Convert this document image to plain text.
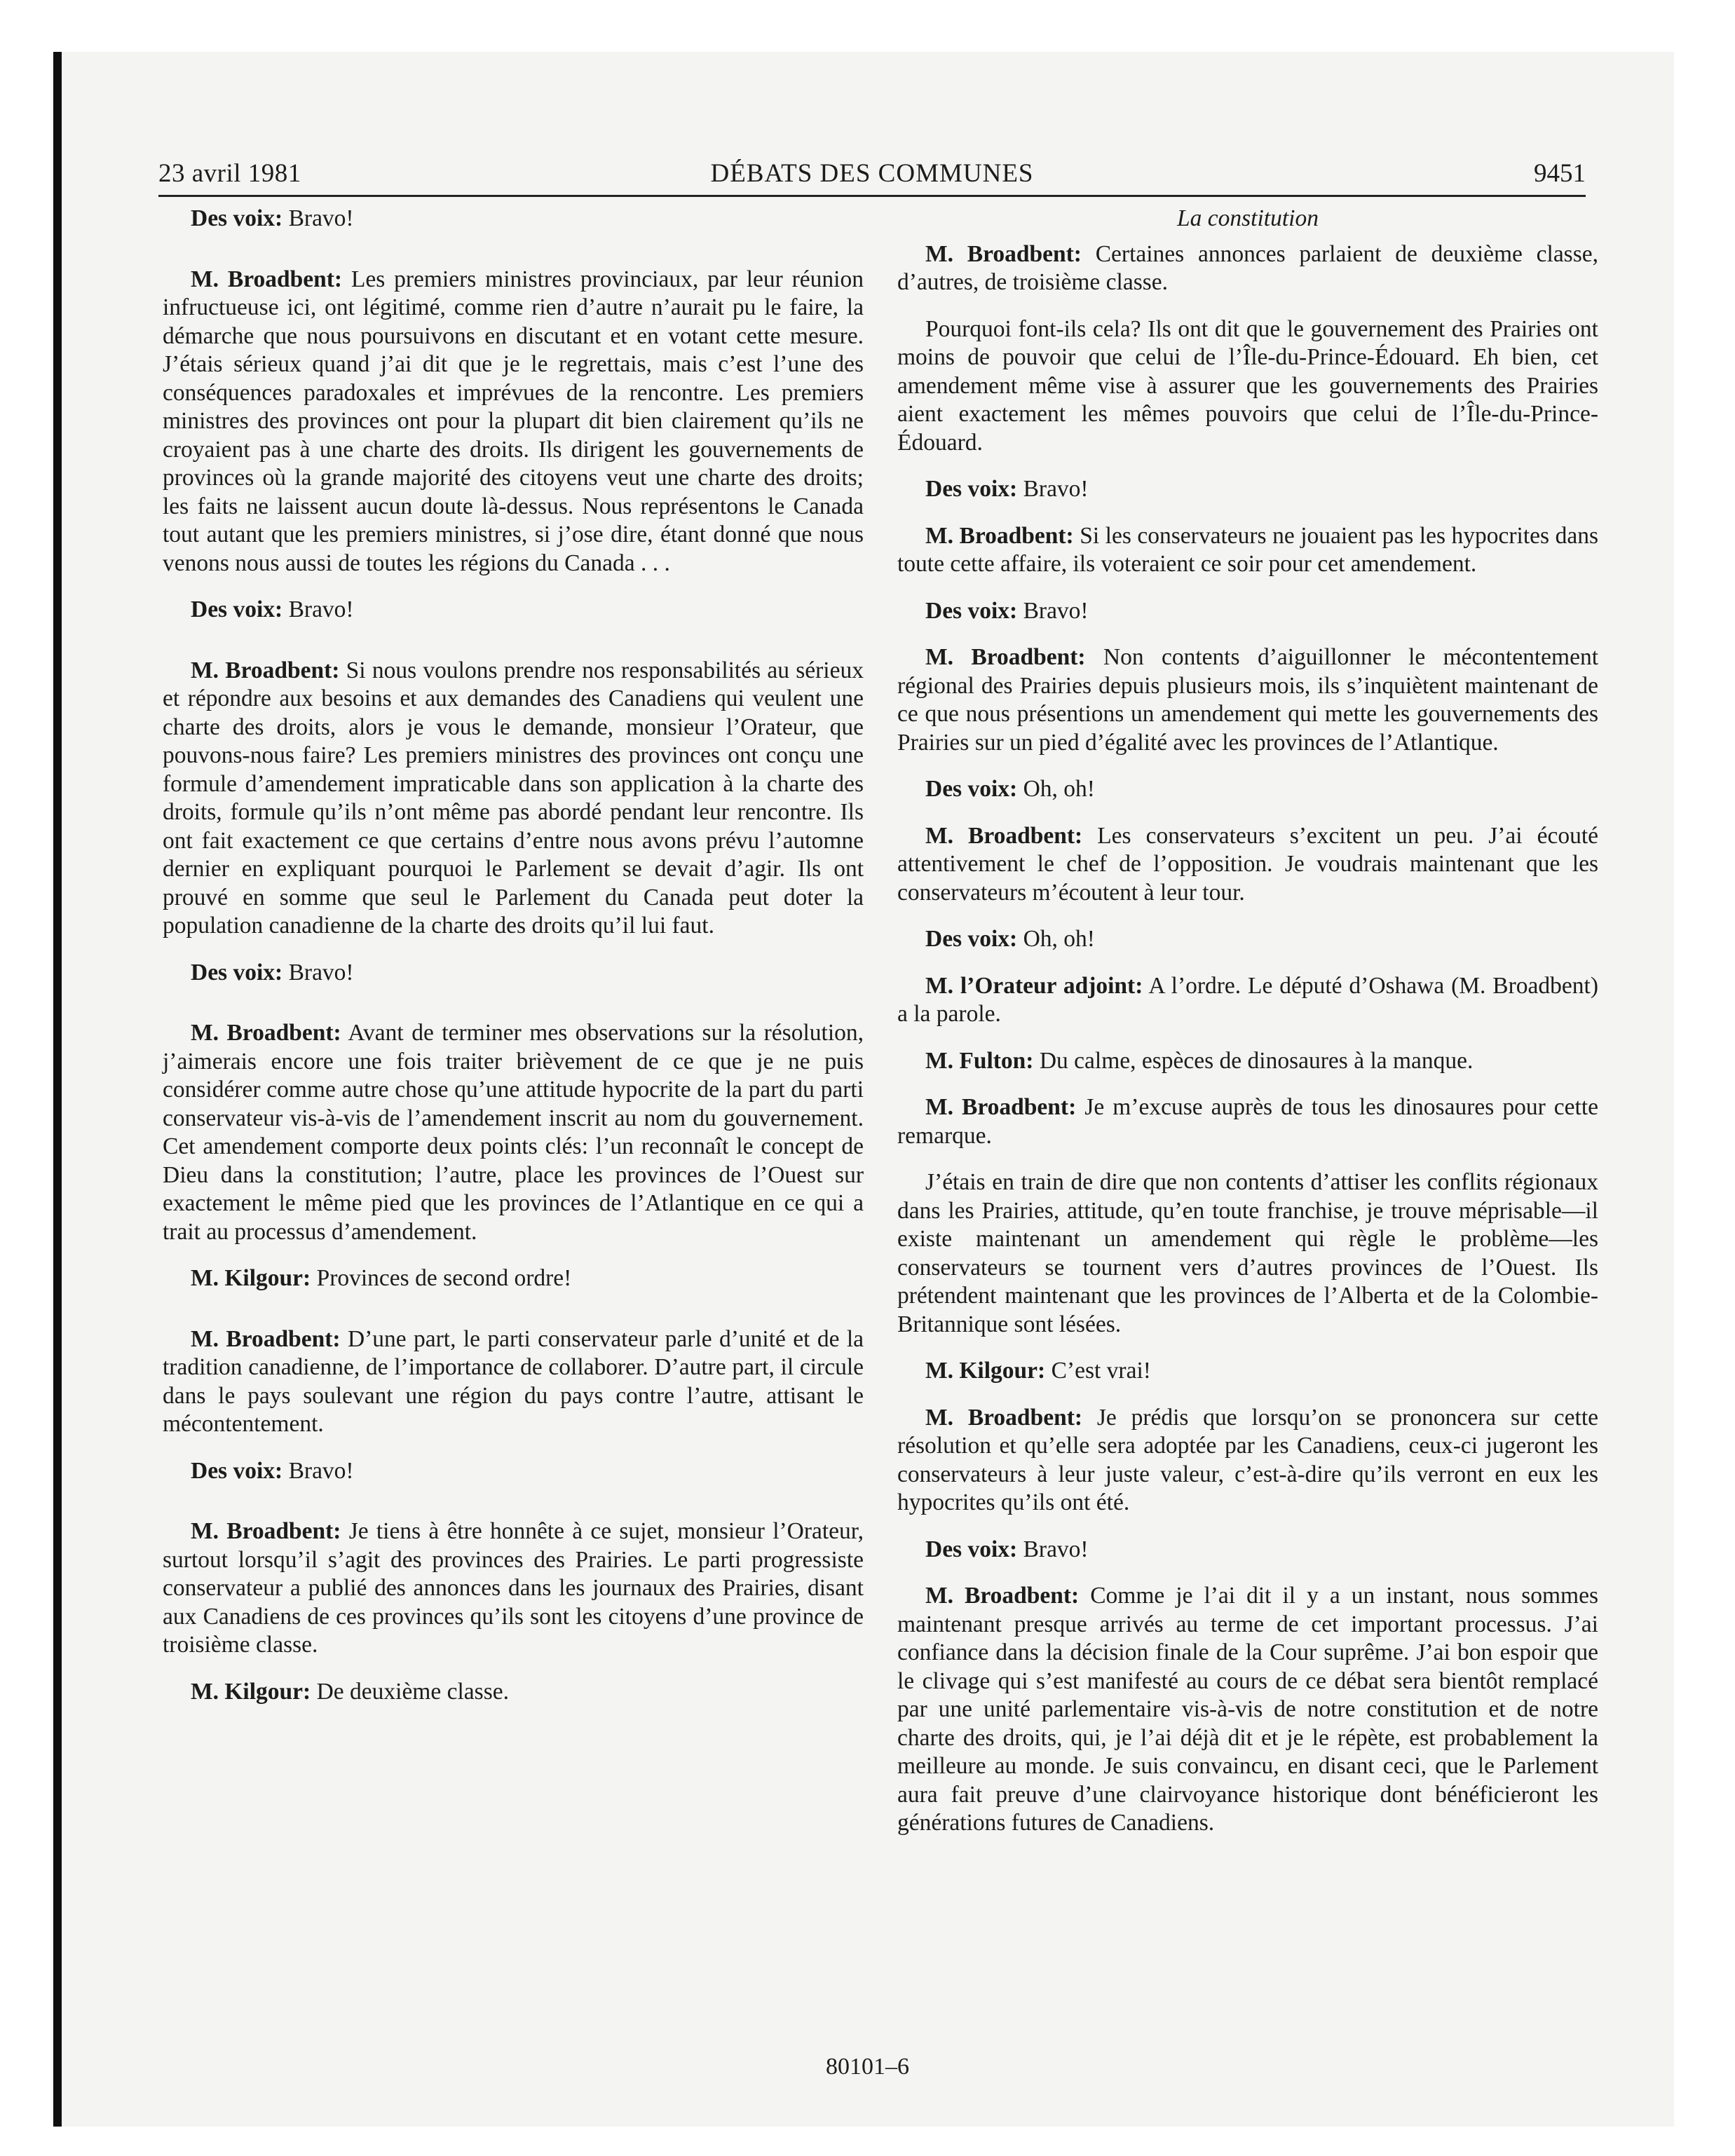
23 avril 1981	DÉBATS DES COMMUNES	9451
Des voix: Bravo!
M. Broadbent: Les premiers ministres provinciaux, par leur réunion infructueuse ici, ont légitimé, comme rien d’autre n’aurait pu le faire, la démarche que nous poursuivons en discutant et en votant cette mesure. J’étais sérieux quand j’ai dit que je le regrettais, mais c’est l’une des conséquences paradoxales et imprévues de la rencontre. Les premiers ministres des provinces ont pour la plupart dit bien clairement qu’ils ne croyaient pas à une charte des droits. Ils dirigent les gouvernements de provinces où la grande majorité des citoyens veut une charte des droits; les faits ne laissent aucun doute là-dessus. Nous représentons le Canada tout autant que les premiers ministres, si j’ose dire, étant donné que nous venons nous aussi de toutes les régions du Canada . . .
Des voix: Bravo!
M. Broadbent: Si nous voulons prendre nos responsabilités au sérieux et répondre aux besoins et aux demandes des Canadiens qui veulent une charte des droits, alors je vous le demande, monsieur l’Orateur, que pouvons-nous faire? Les premiers ministres des provinces ont conçu une formule d’amendement impraticable dans son application à la charte des droits, formule qu’ils n’ont même pas abordé pendant leur rencontre. Ils ont fait exactement ce que certains d’entre nous avons prévu l’automne dernier en expliquant pourquoi le Parlement se devait d’agir. Ils ont prouvé en somme que seul le Parlement du Canada peut doter la population canadienne de la charte des droits qu’il lui faut.
Des voix: Bravo!
M. Broadbent: Avant de terminer mes observations sur la résolution, j’aimerais encore une fois traiter brièvement de ce que je ne puis considérer comme autre chose qu’une attitude hypocrite de la part du parti conservateur vis-à-vis de l’amendement inscrit au nom du gouvernement. Cet amendement comporte deux points clés: l’un reconnaît le concept de Dieu dans la constitution; l’autre, place les provinces de l’Ouest sur exactement le même pied que les provinces de l’Atlantique en ce qui a trait au processus d’amendement.
M. Kilgour: Provinces de second ordre!
M. Broadbent: D’une part, le parti conservateur parle d’unité et de la tradition canadienne, de l’importance de collaborer. D’autre part, il circule dans le pays soulevant une région du pays contre l’autre, attisant le mécontentement.
Des voix: Bravo!
M. Broadbent: Je tiens à être honnête à ce sujet, monsieur l’Orateur, surtout lorsqu’il s’agit des provinces des Prairies. Le parti progressiste conservateur a publié des annonces dans les journaux des Prairies, disant aux Canadiens de ces provinces qu’ils sont les citoyens d’une province de troisième classe.
M. Kilgour: De deuxième classe.
La constitution
M. Broadbent: Certaines annonces parlaient de deuxième classe, d’autres, de troisième classe.
Pourquoi font-ils cela? Ils ont dit que le gouvernement des Prairies ont moins de pouvoir que celui de l’Île-du-Prince-Édouard. Eh bien, cet amendement même vise à assurer que les gouvernements des Prairies aient exactement les mêmes pouvoirs que celui de l’Île-du-Prince-Édouard.
Des voix: Bravo!
M. Broadbent: Si les conservateurs ne jouaient pas les hypocrites dans toute cette affaire, ils voteraient ce soir pour cet amendement.
Des voix: Bravo!
M. Broadbent: Non contents d’aiguillonner le mécontentement régional des Prairies depuis plusieurs mois, ils s’inquiètent maintenant de ce que nous présentions un amendement qui mette les gouvernements des Prairies sur un pied d’égalité avec les provinces de l’Atlantique.
Des voix: Oh, oh!
M. Broadbent: Les conservateurs s’excitent un peu. J’ai écouté attentivement le chef de l’opposition. Je voudrais maintenant que les conservateurs m’écoutent à leur tour.
Des voix: Oh, oh!
M. l’Orateur adjoint: A l’ordre. Le député d’Oshawa (M. Broadbent) a la parole.
M. Fulton: Du calme, espèces de dinosaures à la manque.
M. Broadbent: Je m’excuse auprès de tous les dinosaures pour cette remarque.
J’étais en train de dire que non contents d’attiser les conflits régionaux dans les Prairies, attitude, qu’en toute franchise, je trouve méprisable—il existe maintenant un amendement qui règle le problème—les conservateurs se tournent vers d’autres provinces de l’Ouest. Ils prétendent maintenant que les provinces de l’Alberta et de la Colombie-Britannique sont lésées.
M. Kilgour: C’est vrai!
M. Broadbent: Je prédis que lorsqu’on se prononcera sur cette résolution et qu’elle sera adoptée par les Canadiens, ceux-ci jugeront les conservateurs à leur juste valeur, c’est-à-dire qu’ils verront en eux les hypocrites qu’ils ont été.
Des voix: Bravo!
M. Broadbent: Comme je l’ai dit il y a un instant, nous sommes maintenant presque arrivés au terme de cet important processus. J’ai confiance dans la décision finale de la Cour suprême. J’ai bon espoir que le clivage qui s’est manifesté au cours de ce débat sera bientôt remplacé par une unité parlementaire vis-à-vis de notre constitution et de notre charte des droits, qui, je l’ai déjà dit et je le répète, est probablement la meilleure au monde. Je suis convaincu, en disant ceci, que le Parlement aura fait preuve d’une clairvoyance historique dont bénéficieront les générations futures de Canadiens.
80101–6
